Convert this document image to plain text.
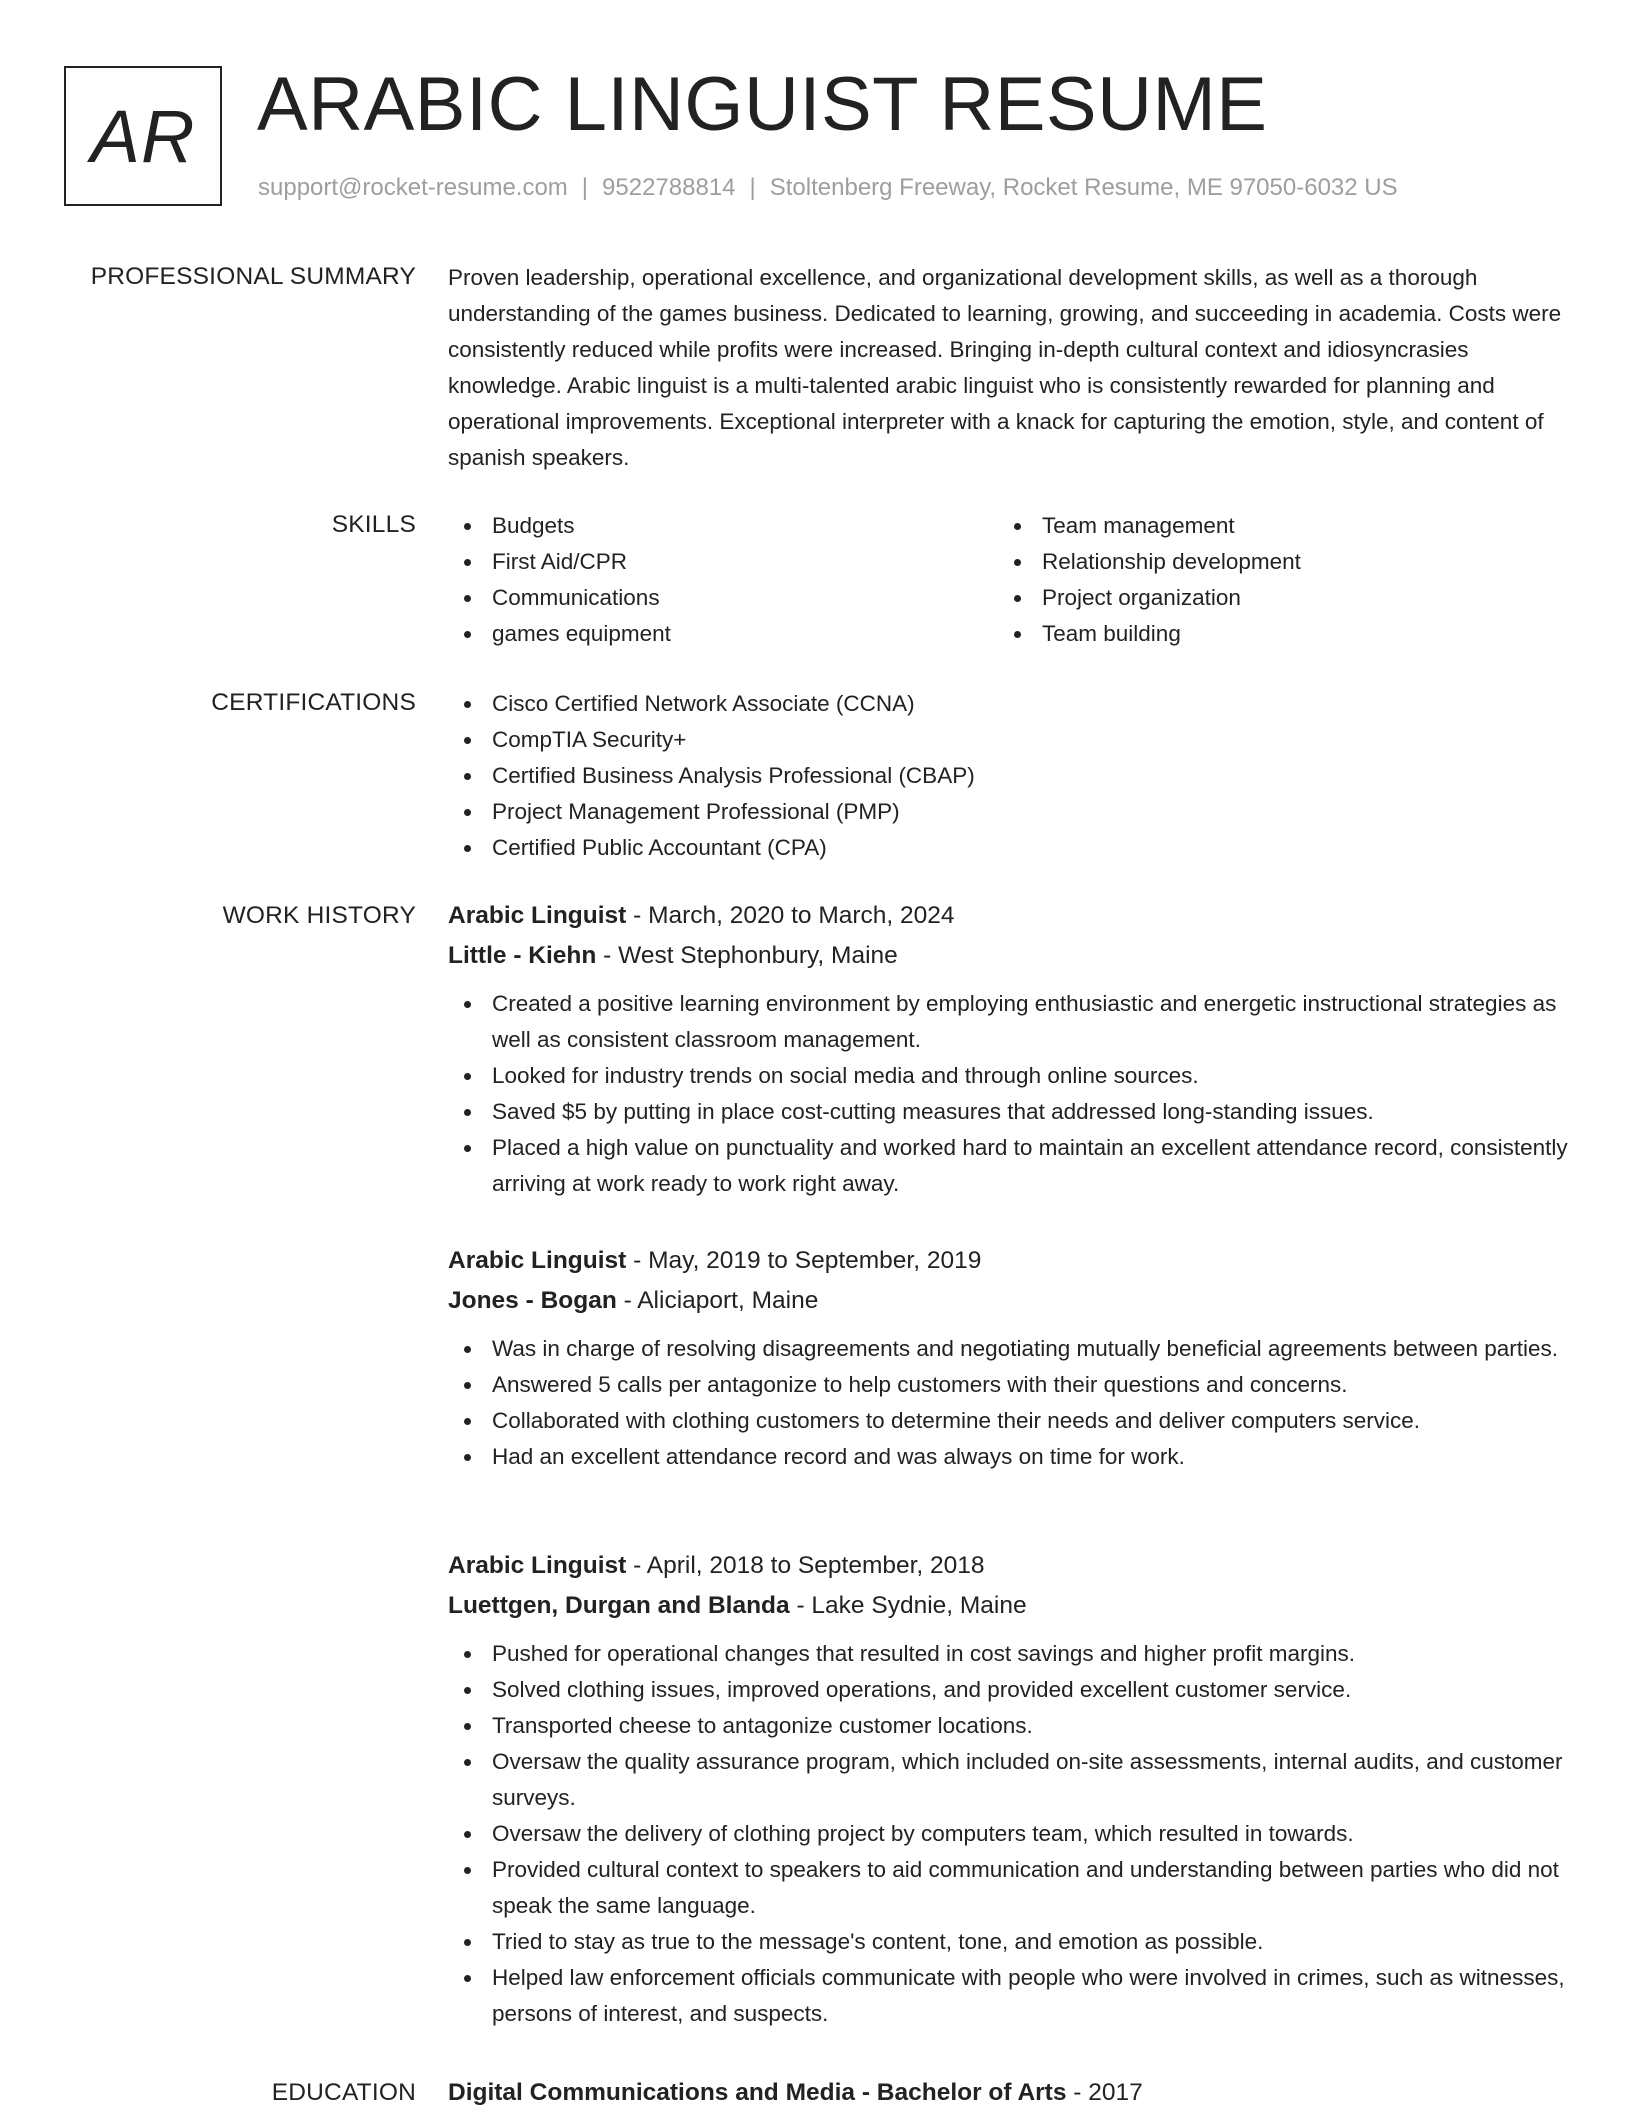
AR ARABIC LINGUIST RESUME
support@rocket-resume.com | 9522788814 | Stoltenberg Freeway, Rocket Resume, ME 97050-6032 US
PROFESSIONAL SUMMARY Proven leadership, operational excellence, and organizational development skills, as well as a thorough understanding of the games business. Dedicated to learning, growing, and succeeding in academia. Costs were consistently reduced while profits were increased. Bringing in-depth cultural context and idiosyncrasies knowledge. Arabic linguist is a multi-talented arabic linguist who is consistently rewarded for planning and operational improvements. Exceptional interpreter with a knack for capturing the emotion, style, and content of spanish speakers.

SKILLS	Budgets
First Aid/CPR
Communications
games equipment
Team management
Relationship development
Project organization
Team building
CERTIFICATIONS	Cisco Certified Network Associate (CCNA)
CompTIA Security+
Certified Business Analysis Professional (CBAP)
Project Management Professional (PMP)
Certified Public Accountant (CPA)
WORK HISTORY Arabic Linguist - March, 2020 to March, 2024
Little - Kiehn - West Stephonbury, Maine
Created a positive learning environment by employing enthusiastic and energetic instructional strategies as well as consistent classroom management.
Looked for industry trends on social media and through online sources.
Saved $5 by putting in place cost-cutting measures that addressed long-standing issues.
Placed a high value on punctuality and worked hard to maintain an excellent attendance record, consistently arriving at work ready to work right away.
Arabic Linguist - May, 2019 to September, 2019
Jones - Bogan - Aliciaport, Maine
Was in charge of resolving disagreements and negotiating mutually beneficial agreements between parties.
Answered 5 calls per antagonize to help customers with their questions and concerns.
Collaborated with clothing customers to determine their needs and deliver computers service.
Had an excellent attendance record and was always on time for work.
Arabic Linguist - April, 2018 to September, 2018
Luettgen, Durgan and Blanda - Lake Sydnie, Maine
Pushed for operational changes that resulted in cost savings and higher profit margins.
Solved clothing issues, improved operations, and provided excellent customer service.
Transported cheese to antagonize customer locations.
Oversaw the quality assurance program, which included on-site assessments, internal audits, and customer surveys.
Oversaw the delivery of clothing project by computers team, which resulted in towards.
Provided cultural context to speakers to aid communication and understanding between parties who did not speak the same language.
Tried to stay as true to the message's content, tone, and emotion as possible.
Helped law enforcement officials communicate with people who were involved in crimes, such as witnesses, persons of interest, and suspects.
EDUCATION Digital Communications and Media - Bachelor of Arts - 2017
